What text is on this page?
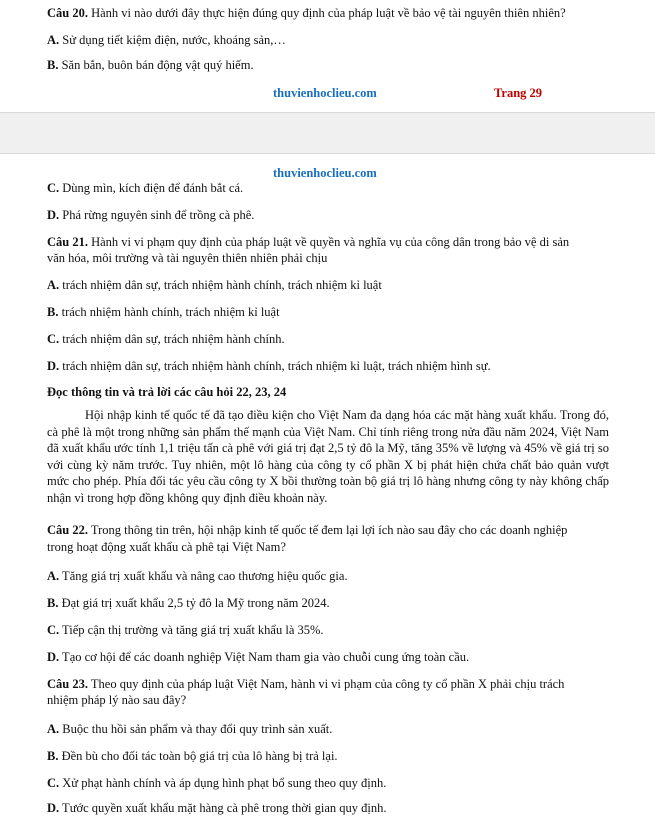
Câu 20. Hành vi nào dưới đây thực hiện đúng quy định của pháp luật về bảo vệ tài nguyên thiên nhiên?
A. Sử dụng tiết kiệm điện, nước, khoáng sản,…
B. Săn bắn, buôn bán động vật quý hiếm.
thuvienhoclieu.com	Trang 29
thuvienhoclieu.com
C. Dùng mìn, kích điện để đánh bắt cá.
D. Phá rừng nguyên sinh để trồng cà phê.
Câu 21. Hành vi vi phạm quy định của pháp luật về quyền và nghĩa vụ của công dân trong bảo vệ di sản
văn hóa, môi trường và tài nguyên thiên nhiên phải chịu
A. trách nhiệm dân sự, trách nhiệm hành chính, trách nhiệm kỉ luật
B. trách nhiệm hành chính, trách nhiệm kỉ luật
C. trách nhiệm dân sự, trách nhiệm hành chính.
D. trách nhiệm dân sự, trách nhiệm hành chính, trách nhiệm kỉ luật, trách nhiệm hình sự.
Đọc thông tin và trả lời các câu hỏi 22, 23, 24
Hội nhập kinh tế quốc tế đã tạo điều kiện cho Việt Nam đa dạng hóa các mặt hàng xuất khẩu. Trong đó, cà phê là một trong những sản phẩm thế mạnh của Việt Nam. Chỉ tính riêng trong nửa đầu năm 2024, Việt Nam đã xuất khẩu ước tính 1,1 triệu tấn cà phê với giá trị đạt 2,5 tỷ đô la Mỹ, tăng 35% về lượng và 45% về giá trị so với cùng kỳ năm trước. Tuy nhiên, một lô hàng của công ty cổ phần X bị phát hiện chứa chất bảo quản vượt mức cho phép. Phía đối tác yêu cầu công ty X bồi thường toàn bộ giá trị lô hàng nhưng công ty này không chấp nhận vì trong hợp đồng không quy định điều khoản này.
Câu 22. Trong thông tin trên, hội nhập kinh tế quốc tế đem lại lợi ích nào sau đây cho các doanh nghiệp
trong hoạt động xuất khẩu cà phê tại Việt Nam?
A. Tăng giá trị xuất khẩu và nâng cao thương hiệu quốc gia.
B. Đạt giá trị xuất khẩu 2,5 tỷ đô la Mỹ trong năm 2024.
C. Tiếp cận thị trường và tăng giá trị xuất khẩu là 35%.
D. Tạo cơ hội để các doanh nghiệp Việt Nam tham gia vào chuỗi cung ứng toàn cầu.
Câu 23. Theo quy định của pháp luật Việt Nam, hành vi vi phạm của công ty cổ phần X phải chịu trách
nhiệm pháp lý nào sau đây?
A. Buộc thu hồi sản phẩm và thay đổi quy trình sản xuất.
B. Đền bù cho đối tác toàn bộ giá trị của lô hàng bị trả lại.
C. Xử phạt hành chính và áp dụng hình phạt bổ sung theo quy định.
D. Tước quyền xuất khẩu mặt hàng cà phê trong thời gian quy định.
